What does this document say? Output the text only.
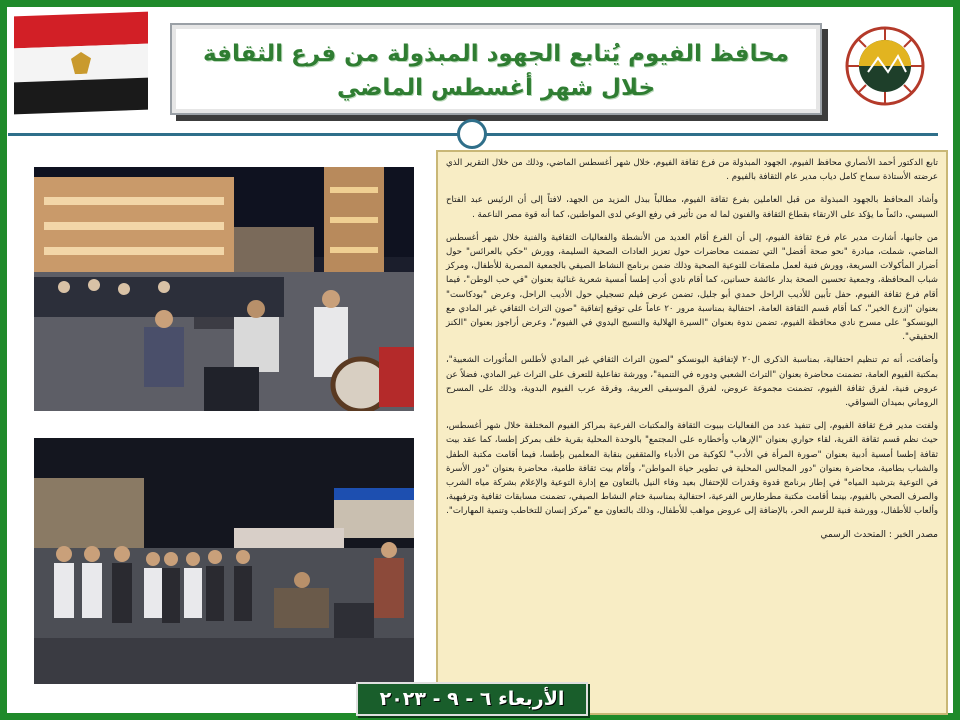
محافظ الفيوم يُتابع الجهود المبذولة من فرع الثقافة خلال شهر أغسطس الماضي

تابع الدكتور أحمد الأنصاري محافظ الفيوم، الجهود المبذولة من فرع ثقافة الفيوم، خلال شهر أغسطس الماضي، وذلك من خلال التقرير الذي عرضته الأستاذة سماح كامل دياب مدير عام الثقافة بالفيوم .

وأشاد المحافظ بالجهود المبذولة من قبل العاملين بفرع ثقافة الفيوم، مطالباً ببذل المزيد من الجهد، لافتاً إلى أن الرئيس عبد الفتاح السيسي، دائماً ما يؤكد على الارتقاء بقطاع الثقافة والفنون لما له من تأثير في رفع الوعي لدى المواطنين، كما أنه قوة مصر الناعمة .

من جانبها، أشارت مدير عام فرع ثقافة الفيوم، إلى أن الفرع أقام العديد من الأنشطة والفعاليات الثقافية والفنية خلال شهر أغسطس الماضي، شملت، مبادرة "نحو صحة أفضل" التي تضمنت محاضرات حول تعزيز العادات الصحية السليمة، وورش "حكي بالعرائس" حول أضرار المأكولات السريعة، وورش فنية لعمل ملصقات للتوعية الصحية وذلك ضمن برنامج النشاط الصيفي بالجمعية المصرية للأطفال، ومركز شباب المحافظة، وجمعية تحسين الصحة بدار عائشة حسانين، كما أقام نادي أدب إطسا أمسية شعرية غنائية بعنوان "في حب الوطن"، فيما أقام فرع ثقافة الفيوم، حفل تأبين للأديب الراحل حمدي أبو جليل، تضمن عرض فيلم تسجيلي حول الأديب الراحل، وعرض "بودكاست" بعنوان "إزرع الخير"، كما أقام قسم الثقافة العامة، احتفالية بمناسبة مرور ٢٠ عاماً على توقيع إتفاقية "صون التراث الثقافي غير المادي مع اليونسكو" على مسرح نادي محافظة الفيوم، تضمن ندوة بعنوان "السيرة الهلالية والنسيج اليدوي في الفيوم"، وعرض أراجوز بعنوان "الكنز الحقيقي".

وأضافت، أنه تم تنظيم احتفالية، بمناسبة الذكرى ال٢٠ لإتفاقية اليونسكو "لصون التراث الثقافي غير المادي لأطلس المأثورات الشعبية"، بمكتبة الفيوم العامة، تضمنت محاضرة بعنوان "التراث الشعبي ودوره في التنمية"، وورشة تفاعلية للتعرف على التراث غير المادي، فضلاً عن عروض فنية، لفرق ثقافة الفيوم، تضمنت مجموعة عروض، لفرق الموسيقى العربية، وفرقة عرب الفيوم البدوية، وذلك على المسرح الروماني بميدان السواقي.

ولفتت مدير فرع ثقافة الفيوم، إلى تنفيذ عدد من الفعاليات ببيوت الثقافة والمكتبات الفرعية بمراكز الفيوم المختلفة خلال شهر أغسطس، حيث نظم قسم ثقافة القرية، لقاء حواري بعنوان "الإرهاب وأخطاره على المجتمع" بالوحدة المحلية بقرية خلف بمركز إطسا، كما عقد بيت ثقافة إطسا أمسية أدبية بعنوان "صورة المرأة في الأدب" لكوكبة من الأدباء والمثقفين بنقابة المعلمين بإطسا، فيما أقامت مكتبة الطفل والشباب بطامية، محاضرة بعنوان "دور المجالس المحلية في تطوير حياة المواطن"، وأقام بيت ثقافة طامية، محاضرة بعنوان "دور الأسرة في التوعية بترشيد المياه" في إطار برنامج قدوة وقدرات للإحتفال بعيد وفاء النيل بالتعاون مع إدارة التوعية والإعلام بشركة مياه الشرب والصرف الصحي بالفيوم، بينما أقامت مكتبة مطرطارس الفرعية، احتفالية بمناسبة ختام النشاط الصيفي، تضمنت مسابقات ثقافية وترفيهية، وألعاب للأطفال، وورشة فنية للرسم الحر، بالإضافة إلى عروض مواهب للأطفال، وذلك بالتعاون مع "مركز إنسان للتخاطب وتنمية المهارات".

مصدر الخبر : المتحدث الرسمي
الأربعاء ٦ - ٩ - ٢٠٢٣
